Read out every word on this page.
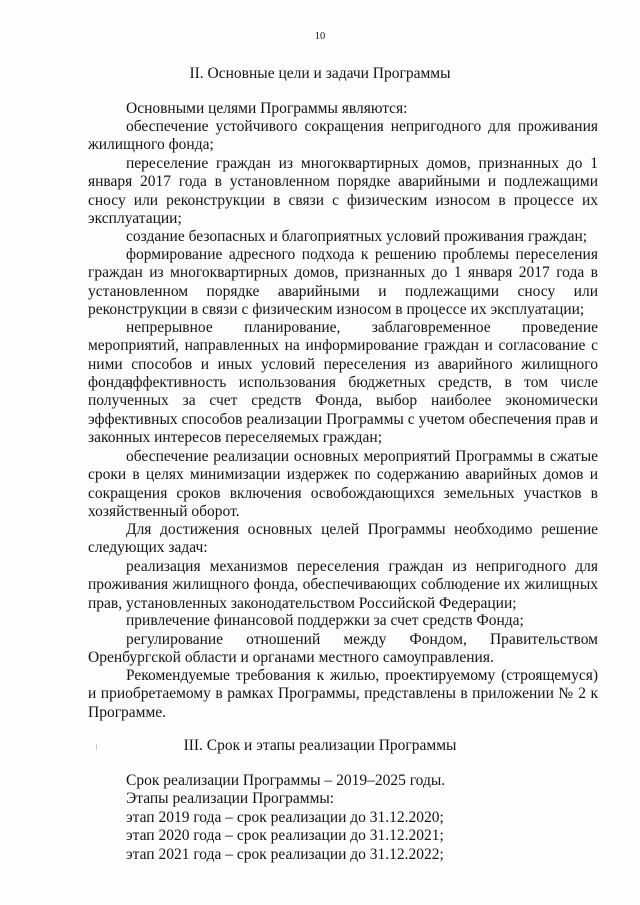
10
II. Основные цели и задачи Программы
Основными целями Программы являются:
обеспечение устойчивого сокращения непригодного для проживания жилищного фонда;
переселение граждан из многоквартирных домов, признанных до 1 января 2017 года в установленном порядке аварийными и подлежащими сносу или реконструкции в связи с физическим износом в процессе их эксплуатации;
создание безопасных и благоприятных условий проживания граждан;
формирование адресного подхода к решению проблемы переселения граждан из многоквартирных домов, признанных до 1 января 2017 года в установленном порядке аварийными и подлежащими сносу или реконструкции в связи с физическим износом в процессе их эксплуатации;
непрерывное планирование, заблаговременное проведение мероприятий, направленных на информирование граждан и согласование с ними способов и иных условий переселения из аварийного жилищного фонда;
эффективность использования бюджетных средств, в том числе полученных за счет средств Фонда, выбор наиболее экономически эффективных способов реализации Программы с учетом обеспечения прав и законных интересов переселяемых граждан;
обеспечение реализации основных мероприятий Программы в сжатые сроки в целях минимизации издержек по содержанию аварийных домов и сокращения сроков включения освобождающихся земельных участков в хозяйственный оборот.
Для достижения основных целей Программы необходимо решение следующих задач:
реализация механизмов переселения граждан из непригодного для проживания жилищного фонда, обеспечивающих соблюдение их жилищных прав, установленных законодательством Российской Федерации;
привлечение финансовой поддержки за счет средств Фонда;
регулирование отношений между Фондом, Правительством Оренбургской области и органами местного самоуправления.
Рекомендуемые требования к жилью, проектируемому (строящемуся) и приобретаемому в рамках Программы, представлены в приложении № 2 к Программе.
III. Срок и этапы реализации Программы
Срок реализации Программы – 2019–2025 годы.
Этапы реализации Программы:
этап 2019 года – срок реализации до 31.12.2020;
этап 2020 года – срок реализации до 31.12.2021;
этап 2021 года – срок реализации до 31.12.2022;
